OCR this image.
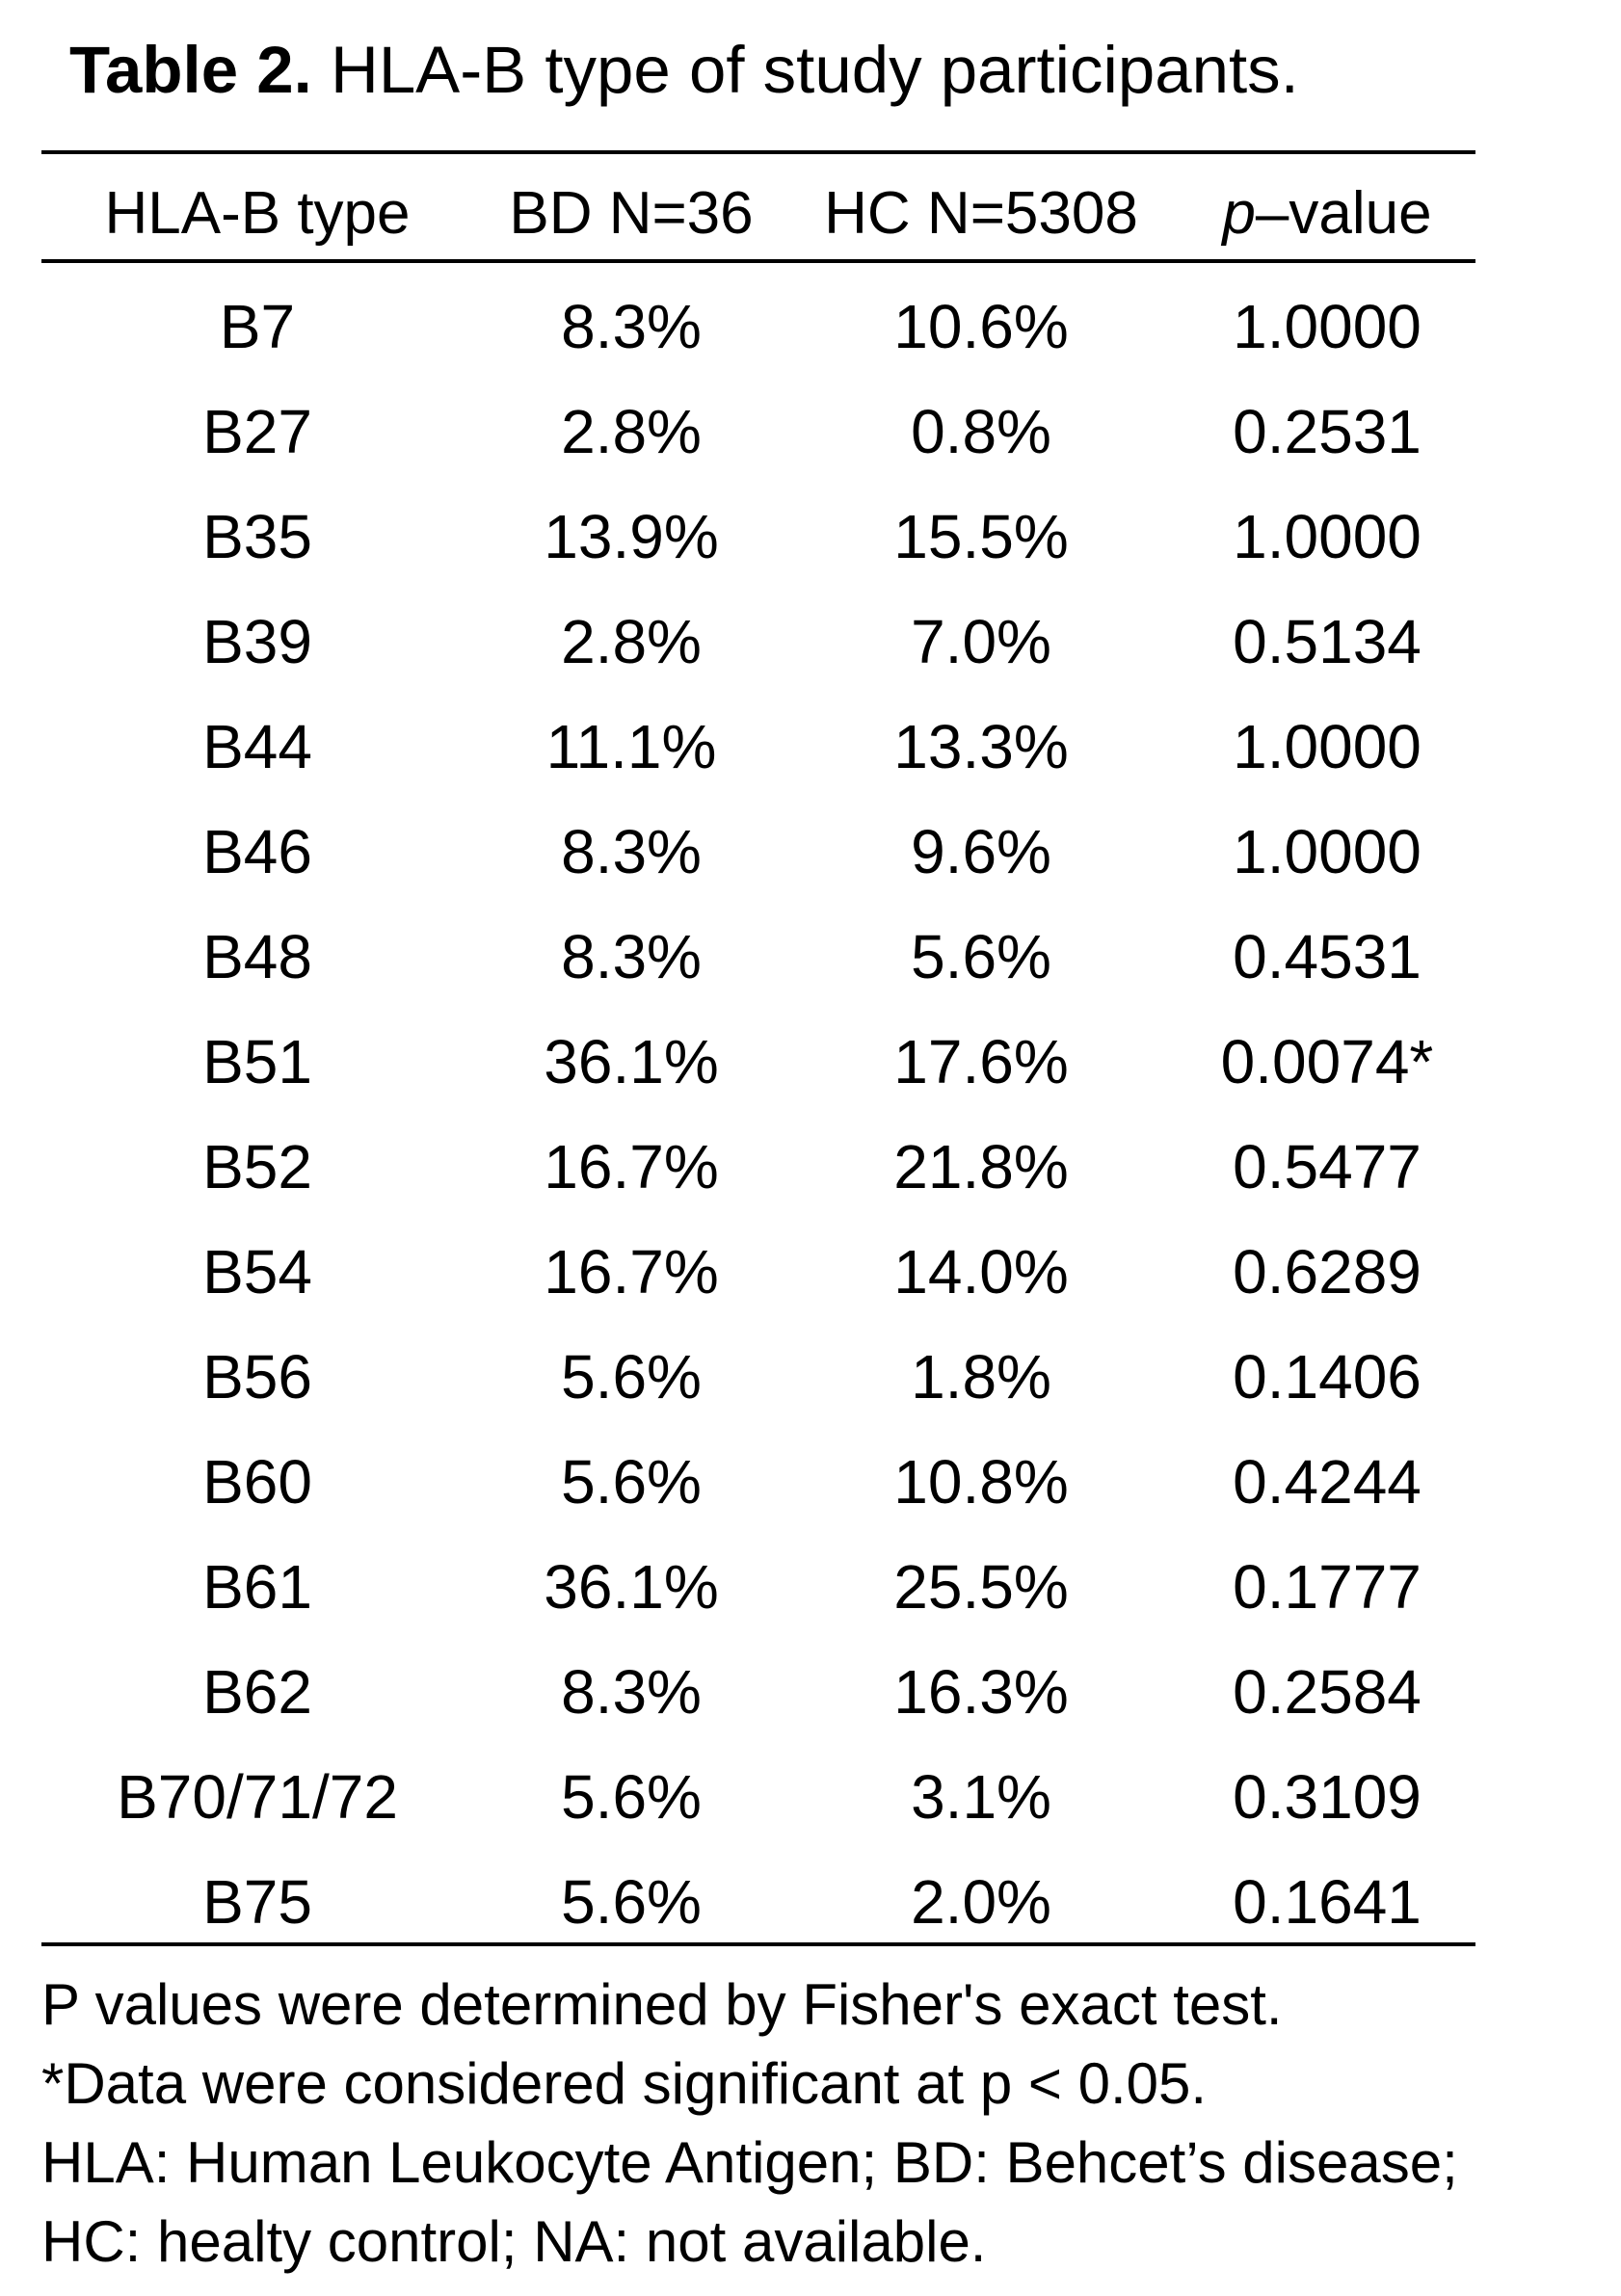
Table 2. HLA-B type of study participants.
HLA-B type	BD N=36	HC N=5308	p–value
B7	8.3%	10.6%	1.0000
B27	2.8%	0.8%	0.2531
B35	13.9%	15.5%	1.0000
B39	2.8%	7.0%	0.5134
B44	11.1%	13.3%	1.0000
B46	8.3%	9.6%	1.0000
B48	8.3%	5.6%	0.4531
B51	36.1%	17.6%	0.0074*
B52	16.7%	21.8%	0.5477
B54	16.7%	14.0%	0.6289
B56	5.6%	1.8%	0.1406
B60	5.6%	10.8%	0.4244
B61	36.1%	25.5%	0.1777
B62	8.3%	16.3%	0.2584
B70/71/72	5.6%	3.1%	0.3109
B75	5.6%	2.0%	0.1641
P values were determined by Fisher's exact test.
*Data were considered significant at p < 0.05.
HLA: Human Leukocyte Antigen; BD: Behcet’s disease;
HC: healty control; NA: not available.
